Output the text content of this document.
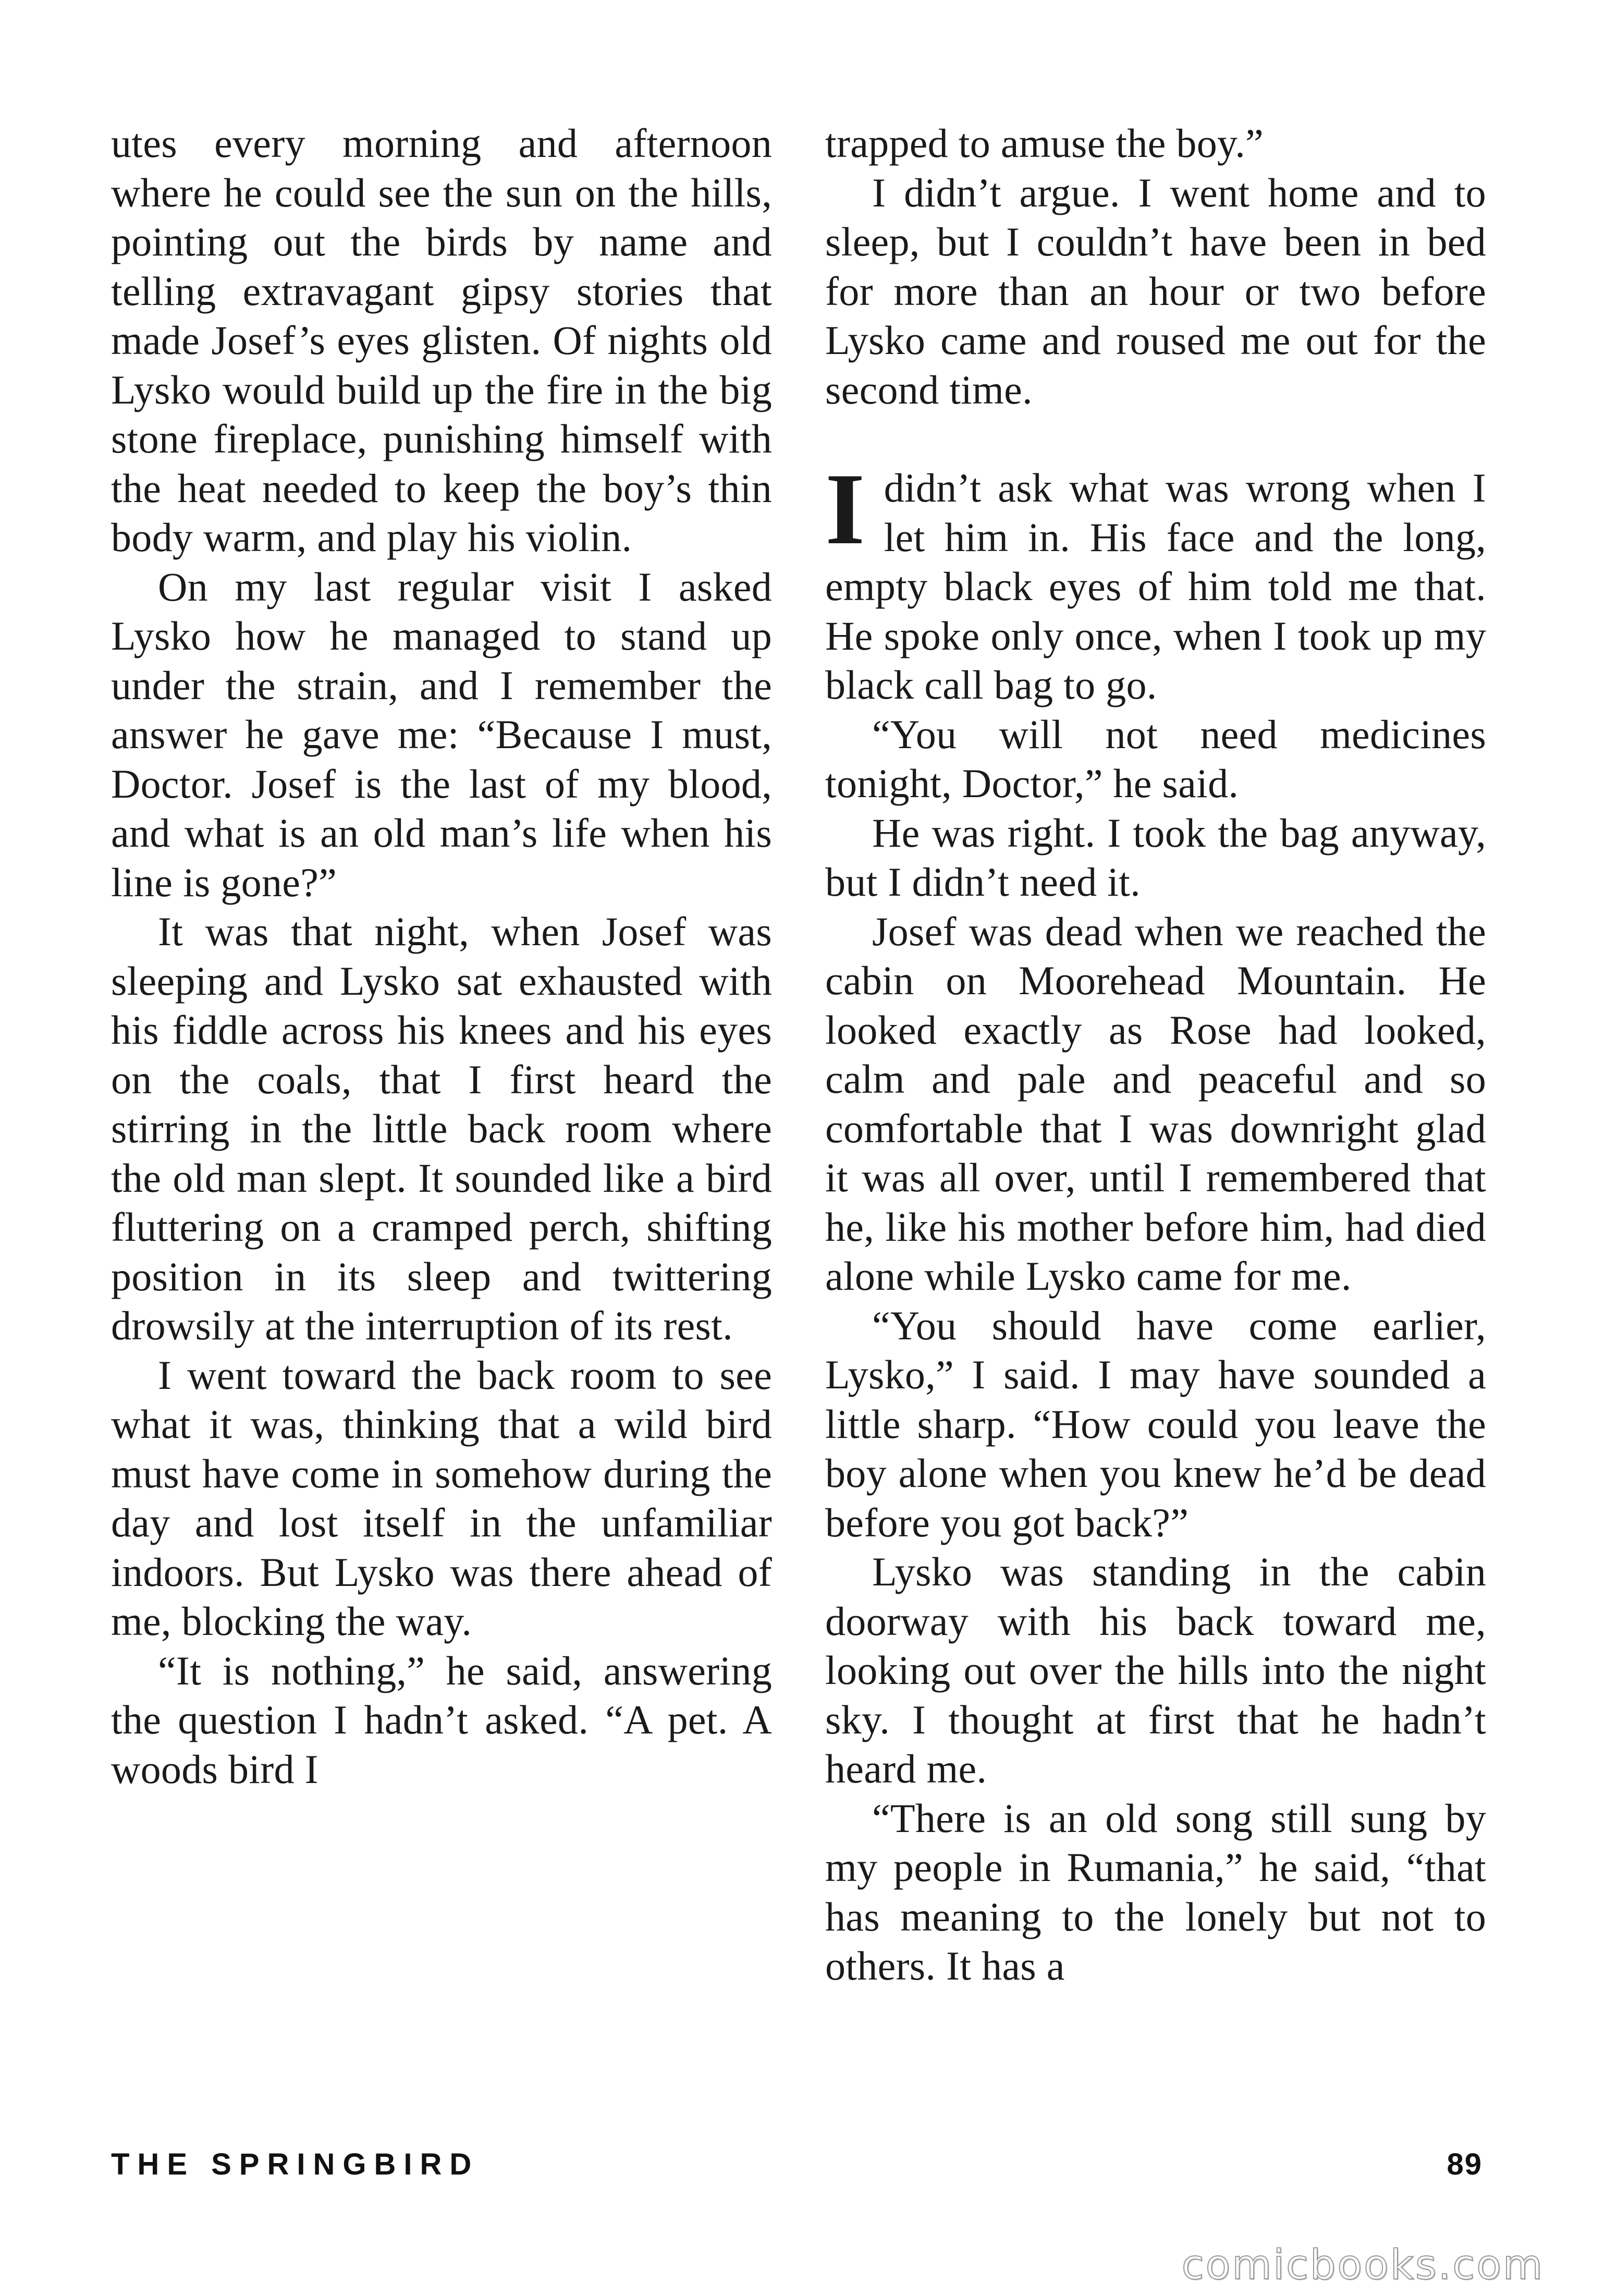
utes every morning and afternoon where he could see the sun on the hills, pointing out the birds by name and telling extravagant gipsy stories that made Josef’s eyes glisten. Of nights old Lysko would build up the fire in the big stone fireplace, punishing himself with the heat needed to keep the boy’s thin body warm, and play his violin.

On my last regular visit I asked Lysko how he managed to stand up under the strain, and I remember the answer he gave me: “Because I must, Doctor. Josef is the last of my blood, and what is an old man’s life when his line is gone?”

It was that night, when Josef was sleeping and Lysko sat exhausted with his fiddle across his knees and his eyes on the coals, that I first heard the stirring in the little back room where the old man slept. It sounded like a bird fluttering on a cramped perch, shifting position in its sleep and twittering drowsily at the interruption of its rest.

I went toward the back room to see what it was, thinking that a wild bird must have come in somehow during the day and lost itself in the unfamiliar indoors. But Lysko was there ahead of me, blocking the way.

“It is nothing,” he said, answering the question I hadn’t asked. “A pet. A woods bird I

trapped to amuse the boy.”

I didn’t argue. I went home and to sleep, but I couldn’t have been in bed for more than an hour or two before Lysko came and roused me out for the second time.

Ididn’t ask what was wrong when I let him in. His face and the long, empty black eyes of him told me that. He spoke only once, when I took up my black call bag to go.

“You will not need medicines tonight, Doctor,” he said.

He was right. I took the bag anyway, but I didn’t need it.

Josef was dead when we reached the cabin on Moorehead Mountain. He looked exactly as Rose had looked, calm and pale and peaceful and so comfortable that I was downright glad it was all over, until I remembered that he, like his mother before him, had died alone while Lysko came for me.

“You should have come earlier, Lysko,” I said. I may have sounded a little sharp. “How could you leave the boy alone when you knew he’d be dead before you got back?”

Lysko was standing in the cabin doorway with his back toward me, looking out over the hills into the night sky. I thought at first that he hadn’t heard me.

“There is an old song still sung by my people in Rumania,” he said, “that has meaning to the lonely but not to others. It has a

THE SPRINGBIRD	89
comicbooks.com
